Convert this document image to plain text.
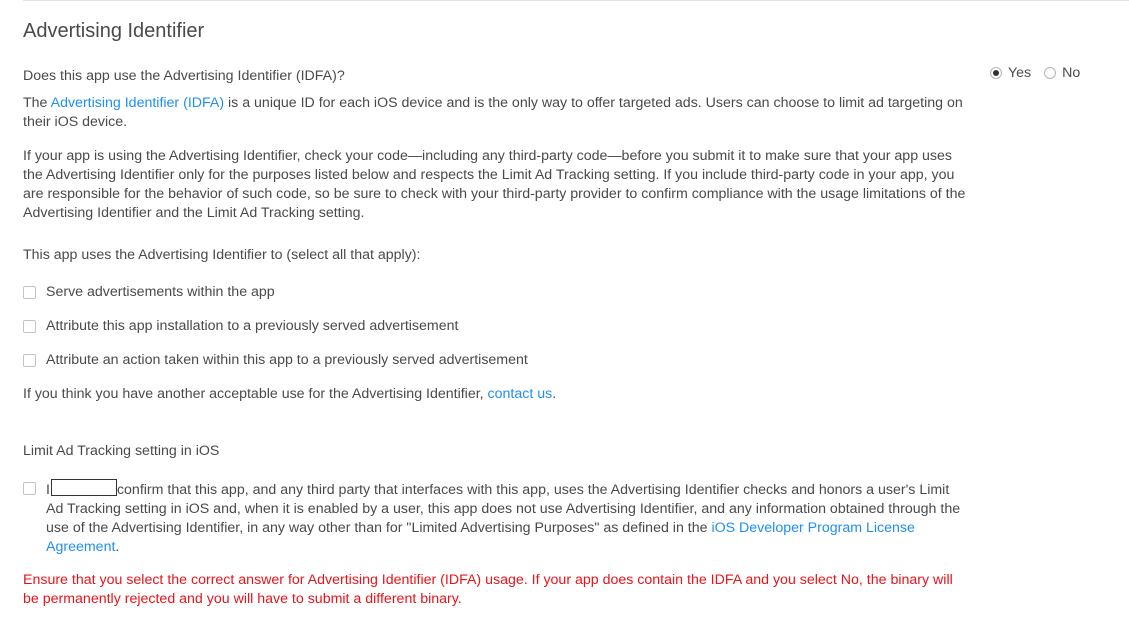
Advertising Identifier

Does this app use the Advertising Identifier (IDFA)?	Yes No

The Advertising Identifier (IDFA) is a unique ID for each iOS device and is the only way to offer targeted ads. Users can choose to limit ad targeting on their iOS device.

If your app is using the Advertising Identifier, check your code—including any third-party code—before you submit it to make sure that your app uses the Advertising Identifier only for the purposes listed below and respects the Limit Ad Tracking setting. If you include third-party code in your app, you are responsible for the behavior of such code, so be sure to check with your third-party provider to confirm compliance with the usage limitations of the Advertising Identifier and the Limit Ad Tracking setting.

This app uses the Advertising Identifier to (select all that apply):

Serve advertisements within the app
Attribute this app installation to a previously served advertisement
Attribute an action taken within this app to a previously served advertisement

If you think you have another acceptable use for the Advertising Identifier, contact us.

Limit Ad Tracking setting in iOS

I	confirm that this app, and any third party that interfaces with this app, uses the Advertising Identifier checks and honors a user's Limit Ad Tracking setting in iOS and, when it is enabled by a user, this app does not use Advertising Identifier, and any information obtained through the use of the Advertising Identifier, in any way other than for "Limited Advertising Purposes" as defined in the iOS Developer Program License Agreement.

Ensure that you select the correct answer for Advertising Identifier (IDFA) usage. If your app does contain the IDFA and you select No, the binary will be permanently rejected and you will have to submit a different binary.
